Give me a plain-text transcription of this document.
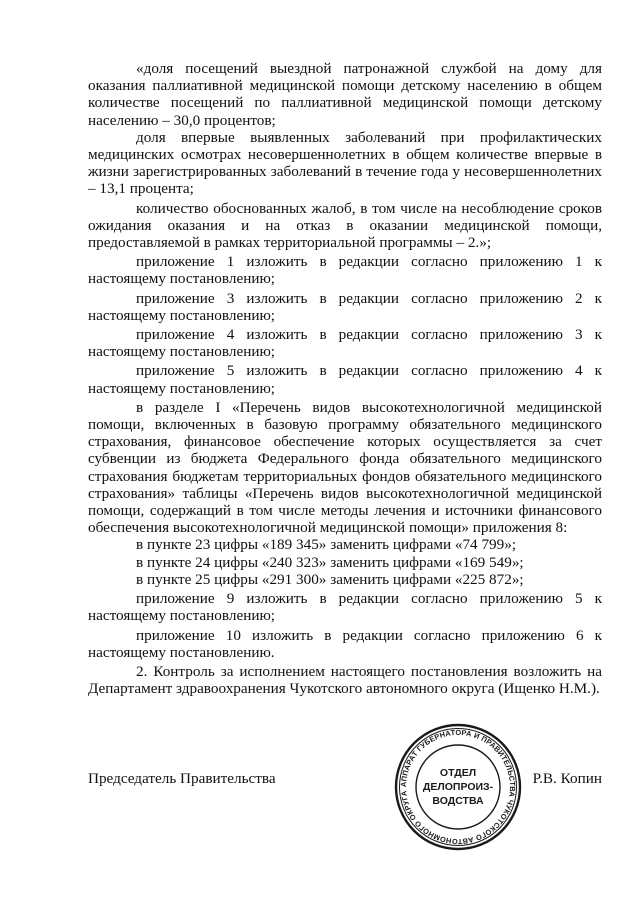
«доля посещений выездной патронажной службой на дому для оказания паллиативной медицинской помощи детскому населению в общем количестве посещений по паллиативной медицинской помощи детскому населению – 30,0 процентов;

доля впервые выявленных заболеваний при профилактических медицинских осмотрах несовершеннолетних в общем количестве впервые в жизни зарегистрированных заболеваний в течение года у несовершеннолетних – 13,1 процента;

количество обоснованных жалоб, в том числе на несоблюдение сроков ожидания оказания и на отказ в оказании медицинской помощи, предоставляемой в рамках территориальной программы – 2.»;

приложение 1 изложить в редакции согласно приложению 1 к настоящему постановлению;

приложение 3 изложить в редакции согласно приложению 2 к настоящему постановлению;

приложение 4 изложить в редакции согласно приложению 3 к настоящему постановлению;

приложение 5 изложить в редакции согласно приложению 4 к настоящему постановлению;

в разделе I «Перечень видов высокотехнологичной медицинской помощи, включенных в базовую программу обязательного медицинского страхования, финансовое обеспечение которых осуществляется за счет субвенции из бюджета Федерального фонда обязательного медицинского страхования бюджетам территориальных фондов обязательного медицинского страхования» таблицы «Перечень видов высокотехнологичной медицинской помощи, содержащий в том числе методы лечения и источники финансового обеспечения высокотехнологичной медицинской помощи» приложения 8:

в пункте 23 цифры «189 345» заменить цифрами «74 799»;

в пункте 24 цифры «240 323» заменить цифрами «169 549»;

в пункте 25 цифры «291 300» заменить цифрами «225 872»;

приложение 9 изложить в редакции согласно приложению 5 к настоящему постановлению;

приложение 10 изложить в редакции согласно приложению 6 к настоящему постановлению.

2. Контроль за исполнением настоящего постановления возложить на Департамент здравоохранения Чукотского автономного округа (Ищенко Н.М.).

Председатель Правительства	Р.В. Копин
АППАРАТ ГУБЕРНАТОРА И ПРАВИТЕЛЬСТВА ЧУКОТСКОГО АВТОНОМНОГО ОКРУГА
ОТДЕЛ
ДЕЛОПРОИЗ-
ВОДСТВА
